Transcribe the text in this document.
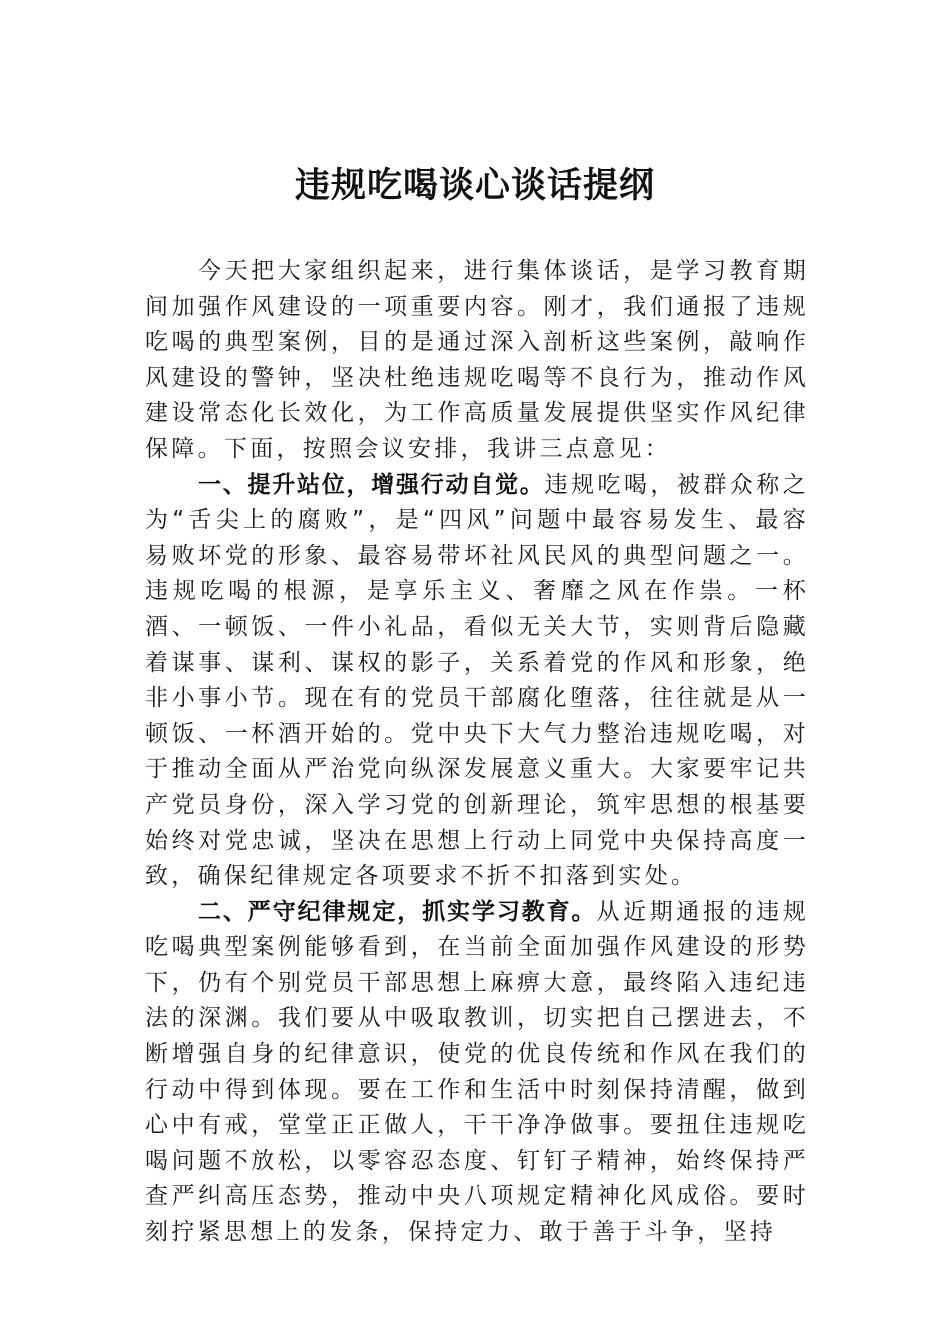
违规吃喝谈心谈话提纲

今天把大家组织起来，进行集体谈话，是学习教育期间加强作风建设的一项重要内容。刚才，我们通报了违规吃喝的典型案例，目的是通过深入剖析这些案例，敲响作风建设的警钟，坚决杜绝违规吃喝等不良行为，推动作风建设常态化长效化，为工作高质量发展提供坚实作风纪律保障。下面，按照会议安排，我讲三点意见：

一、提升站位，增强行动自觉。违规吃喝，被群众称之为“舌尖上的腐败”，是“四风”问题中最容易发生、最容易败坏党的形象、最容易带坏社风民风的典型问题之一。违规吃喝的根源，是享乐主义、奢靡之风在作祟。一杯酒、一顿饭、一件小礼品，看似无关大节，实则背后隐藏着谋事、谋利、谋权的影子，关系着党的作风和形象，绝非小事小节。现在有的党员干部腐化堕落，往往就是从一顿饭、一杯酒开始的。党中央下大气力整治违规吃喝，对于推动全面从严治党向纵深发展意义重大。大家要牢记共产党员身份，深入学习党的创新理论，筑牢思想的根基要始终对党忠诚，坚决在思想上行动上同党中央保持高度一致，确保纪律规定各项要求不折不扣落到实处。

二、严守纪律规定，抓实学习教育。从近期通报的违规吃喝典型案例能够看到，在当前全面加强作风建设的形势下，仍有个别党员干部思想上麻痹大意，最终陷入违纪违法的深渊。我们要从中吸取教训，切实把自己摆进去，不断增强自身的纪律意识，使党的优良传统和作风在我们的行动中得到体现。要在工作和生活中时刻保持清醒，做到心中有戒，堂堂正正做人，干干净净做事。要扭住违规吃喝问题不放松，以零容忍态度、钉钉子精神，始终保持严查严纠高压态势，推动中央八项规定精神化风成俗。要时刻拧紧思想上的发条，保持定力、敢于善于斗争，坚持
